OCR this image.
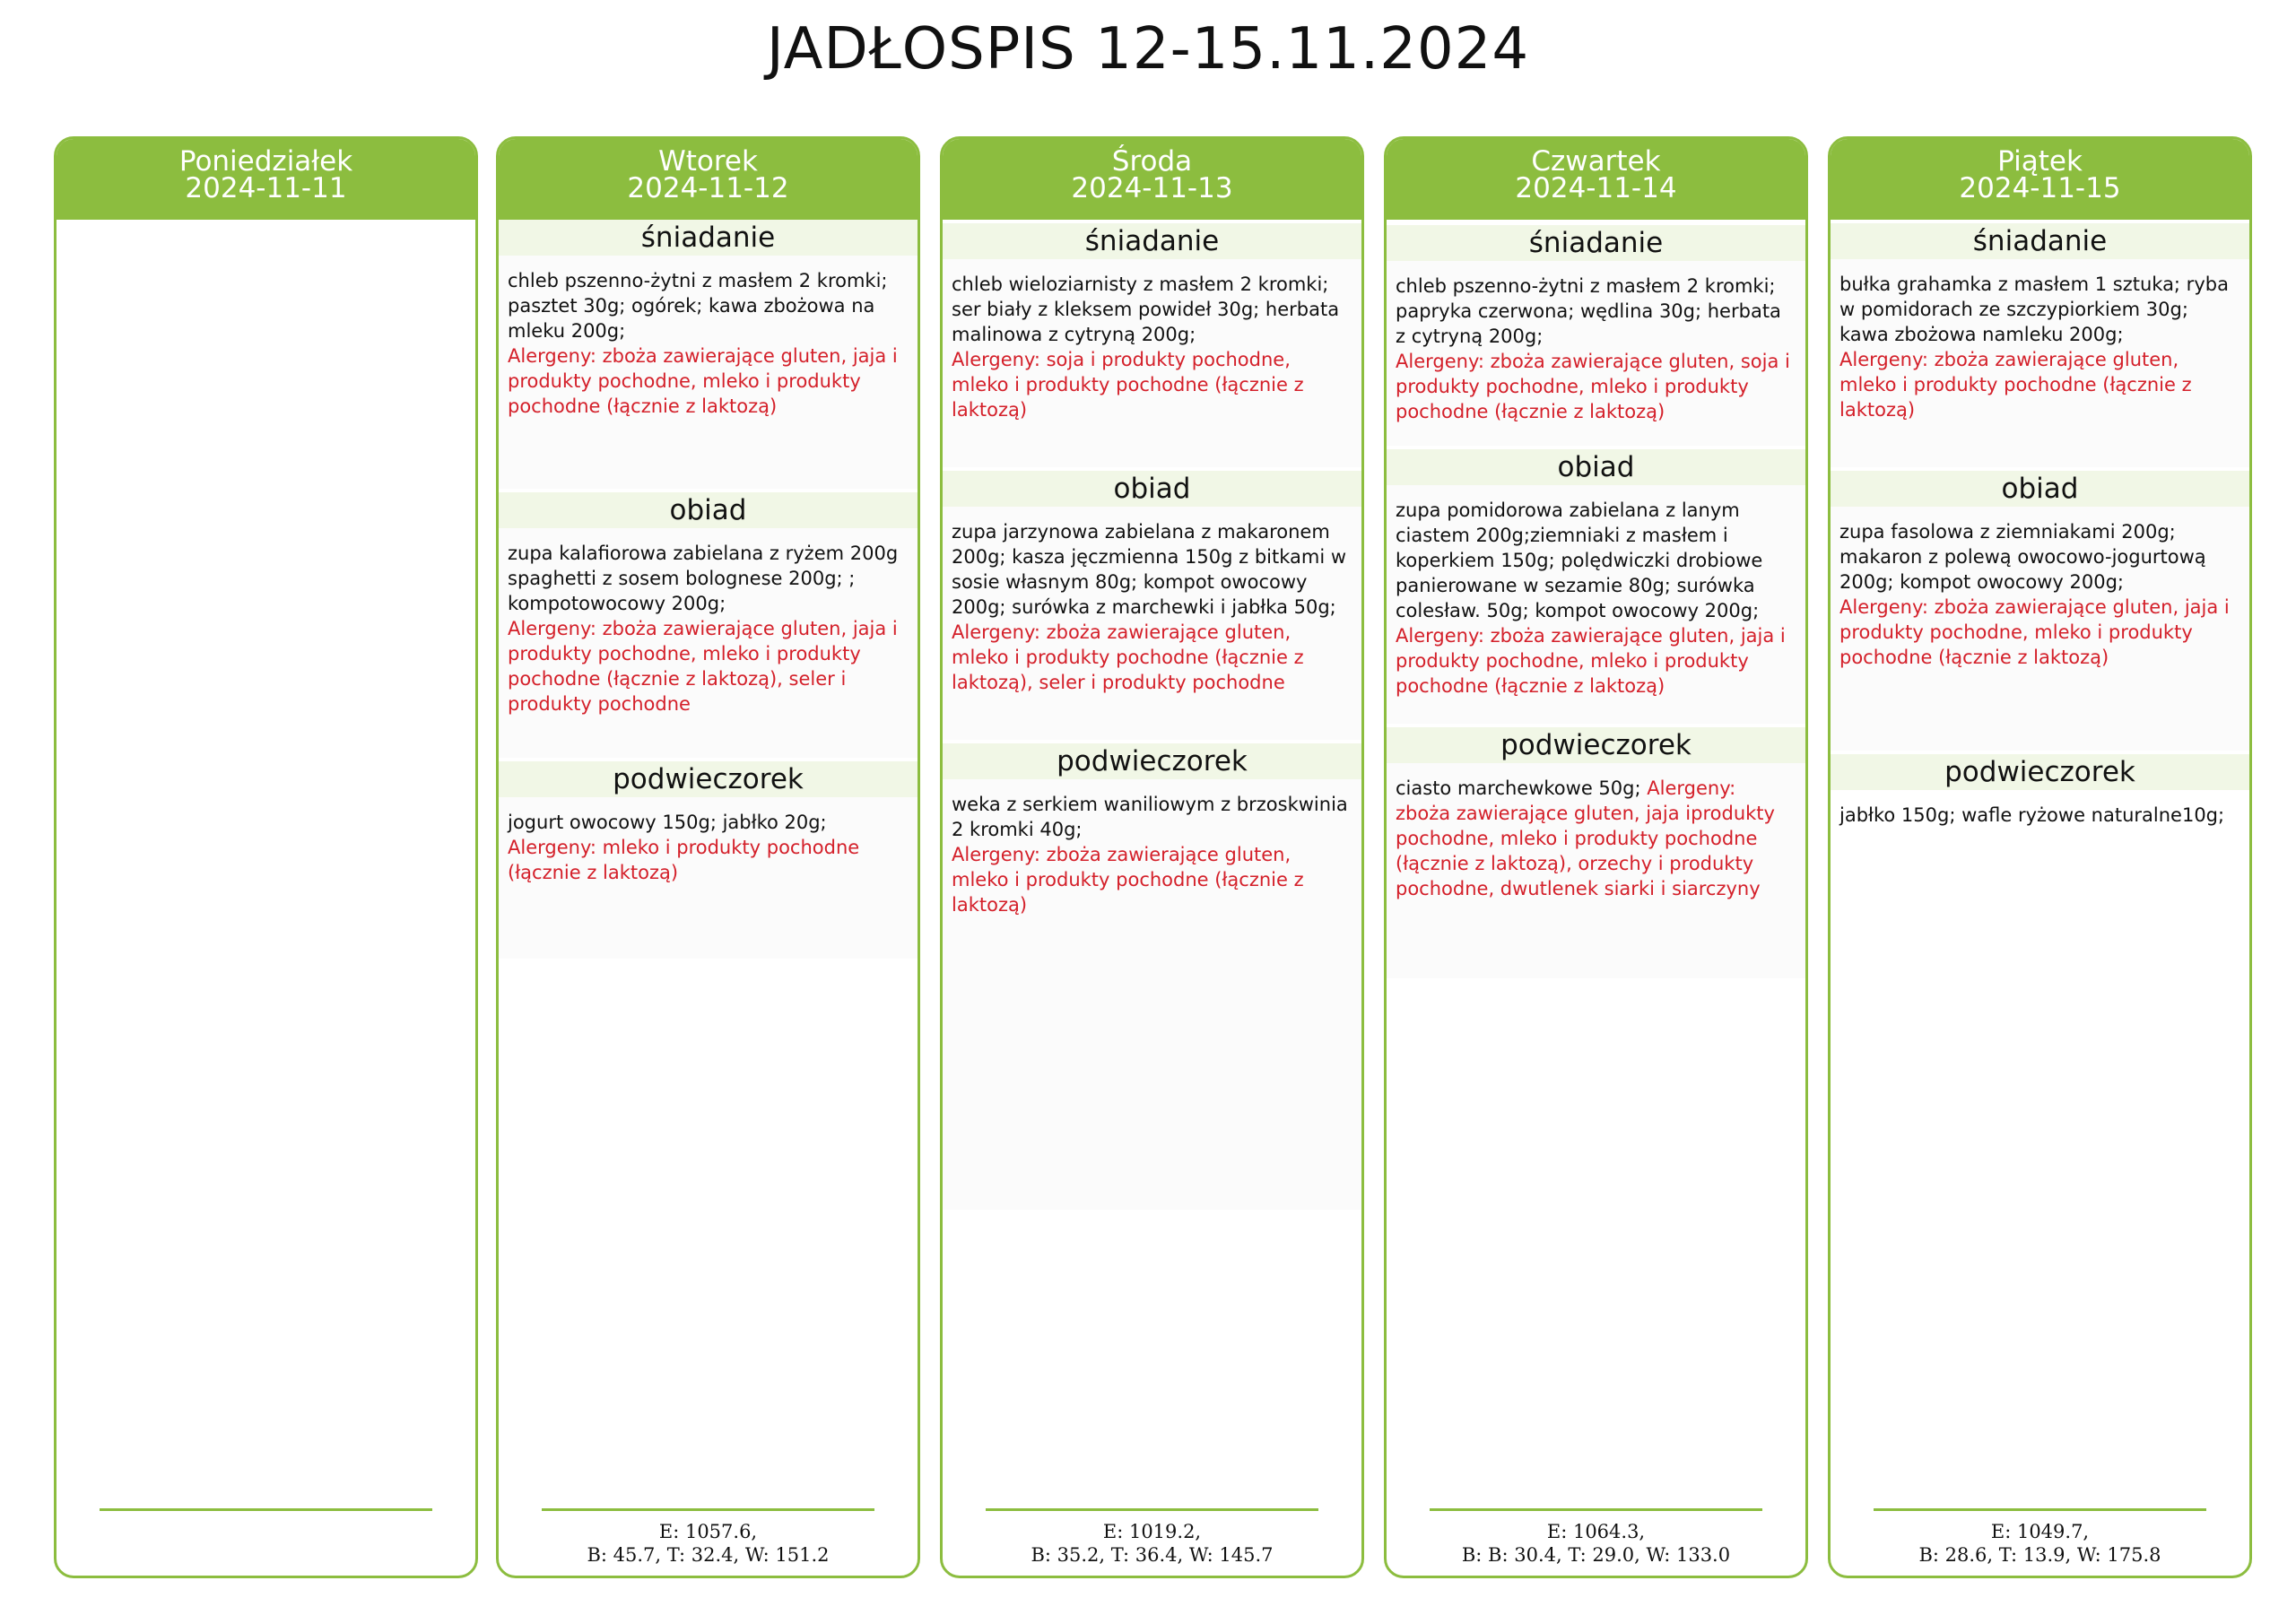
JADŁOSPIS 12-15.11.2024
Poniedziałek
2024-11-11
Wtorek
2024-11-12
śniadanie
chleb pszenno-żytni z masłem 2 kromki; pasztet 30g; ogórek; kawa zbożowa na mleku 200g;
Alergeny: zboża zawierające gluten, jaja i produkty pochodne, mleko i produkty pochodne (łącznie z laktozą)
obiad
zupa kalafiorowa zabielana z ryżem 200g spaghetti z sosem bolognese 200g; ; kompotowocowy 200g;
Alergeny: zboża zawierające gluten, jaja i produkty pochodne, mleko i produkty pochodne (łącznie z laktozą), seler i produkty pochodne
podwieczorek
jogurt owocowy 150g; jabłko 20g;
Alergeny: mleko i produkty pochodne (łącznie z laktozą)
E: 1057.6,
B: 45.7, T: 32.4, W: 151.2
Środa
2024-11-13
śniadanie
chleb wieloziarnisty z masłem 2 kromki; ser biały z kleksem powideł 30g; herbata malinowa z cytryną 200g;
Alergeny: soja i produkty pochodne, mleko i produkty pochodne (łącznie z laktozą)
obiad
zupa jarzynowa zabielana z makaronem 200g; kasza jęczmienna 150g z bitkami w sosie własnym 80g; kompot owocowy 200g; surówka z marchewki i jabłka 50g;
Alergeny: zboża zawierające gluten, mleko i produkty pochodne (łącznie z laktozą), seler i produkty pochodne
podwieczorek
weka z serkiem waniliowym z brzoskwinia 2 kromki 40g;
Alergeny: zboża zawierające gluten, mleko i produkty pochodne (łącznie z laktozą)
E: 1019.2,
B: 35.2, T: 36.4, W: 145.7
Czwartek
2024-11-14
śniadanie
chleb pszenno-żytni z masłem 2 kromki; papryka czerwona; wędlina 30g; herbata z cytryną 200g;
Alergeny: zboża zawierające gluten, soja i produkty pochodne, mleko i produkty pochodne (łącznie z laktozą)
obiad
zupa pomidorowa zabielana z lanym ciastem 200g;ziemniaki z masłem i koperkiem 150g; polędwiczki drobiowe panierowane w sezamie 80g; surówka colesław. 50g; kompot owocowy 200g;
Alergeny: zboża zawierające gluten, jaja i produkty pochodne, mleko i produkty pochodne (łącznie z laktozą)
podwieczorek
ciasto marchewkowe 50g; Alergeny: zboża zawierające gluten, jaja iprodukty pochodne, mleko i produkty pochodne (łącznie z laktozą), orzechy i produkty pochodne, dwutlenek siarki i siarczyny
E: 1064.3,
B: B: 30.4, T: 29.0, W: 133.0
Piątek
2024-11-15
śniadanie
bułka grahamka z masłem 1 sztuka; ryba w pomidorach ze szczypiorkiem 30g; kawa zbożowa namleku 200g;
Alergeny: zboża zawierające gluten, mleko i produkty pochodne (łącznie z laktozą)
obiad
zupa fasolowa z ziemniakami 200g; makaron z polewą owocowo-jogurtową 200g; kompot owocowy 200g;
Alergeny: zboża zawierające gluten, jaja i produkty pochodne, mleko i produkty pochodne (łącznie z laktozą)
podwieczorek
jabłko 150g; wafle ryżowe naturalne10g;
E: 1049.7,
B: 28.6, T: 13.9, W: 175.8
